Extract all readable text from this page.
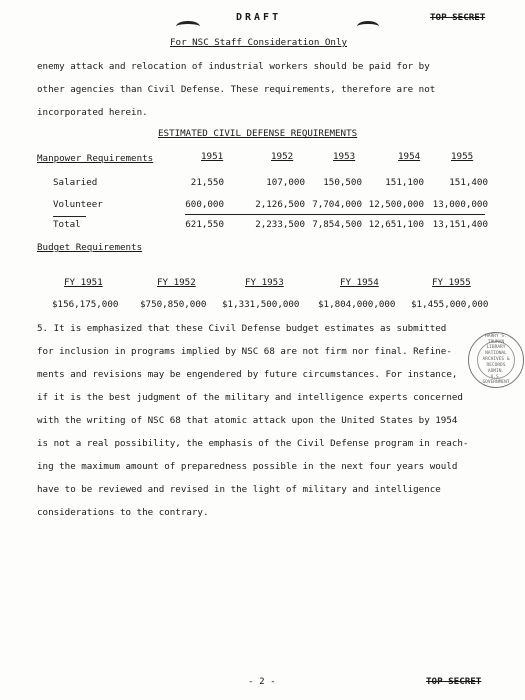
DRAFT	TOP SECRET
For NSC Staff Consideration Only
enemy attack and relocation of industrial workers should be paid for by
other agencies than Civil Defense. These requirements, therefore are not
incorporated herein.
ESTIMATED CIVIL DEFENSE REQUIREMENTS
Manpower Requirements	1951	1952	1953	1954	1955
Salaried	21,550	107,000	150,500	151,100	151,400
Volunteer	600,000	2,126,500 7,704,000 12,500,000 13,000,000
Total	621,550	2,233,500 7,854,500 12,651,100 13,151,400
Budget Requirements
FY 1951	FY 1952	FY 1953	FY 1954	FY 1955
$156,175,000 $750,850,000 $1,331,500,000 $1,804,000,000 $1,455,000,000
5. It is emphasized that these Civil Defense budget estimates as submitted
for inclusion in programs implied by NSC 68 are not firm nor final. Refine-
ments and revisions may be engendered by future circumstances. For instance,
if it is the best judgment of the military and intelligence experts concerned
with the writing of NSC 68 that atomic attack upon the United States by 1954
is not a real possibility, the emphasis of the Civil Defense program in reach-
ing the maximum amount of preparedness possible in the next four years would
have to be reviewed and revised in the light of military and intelligence
considerations to the contrary.
HARRY S. TRUMAN LIBRARY
NATIONAL ARCHIVES & RECORDS ADMIN.
U.S. GOVERNMENT
- 2 -	TOP SECRET
